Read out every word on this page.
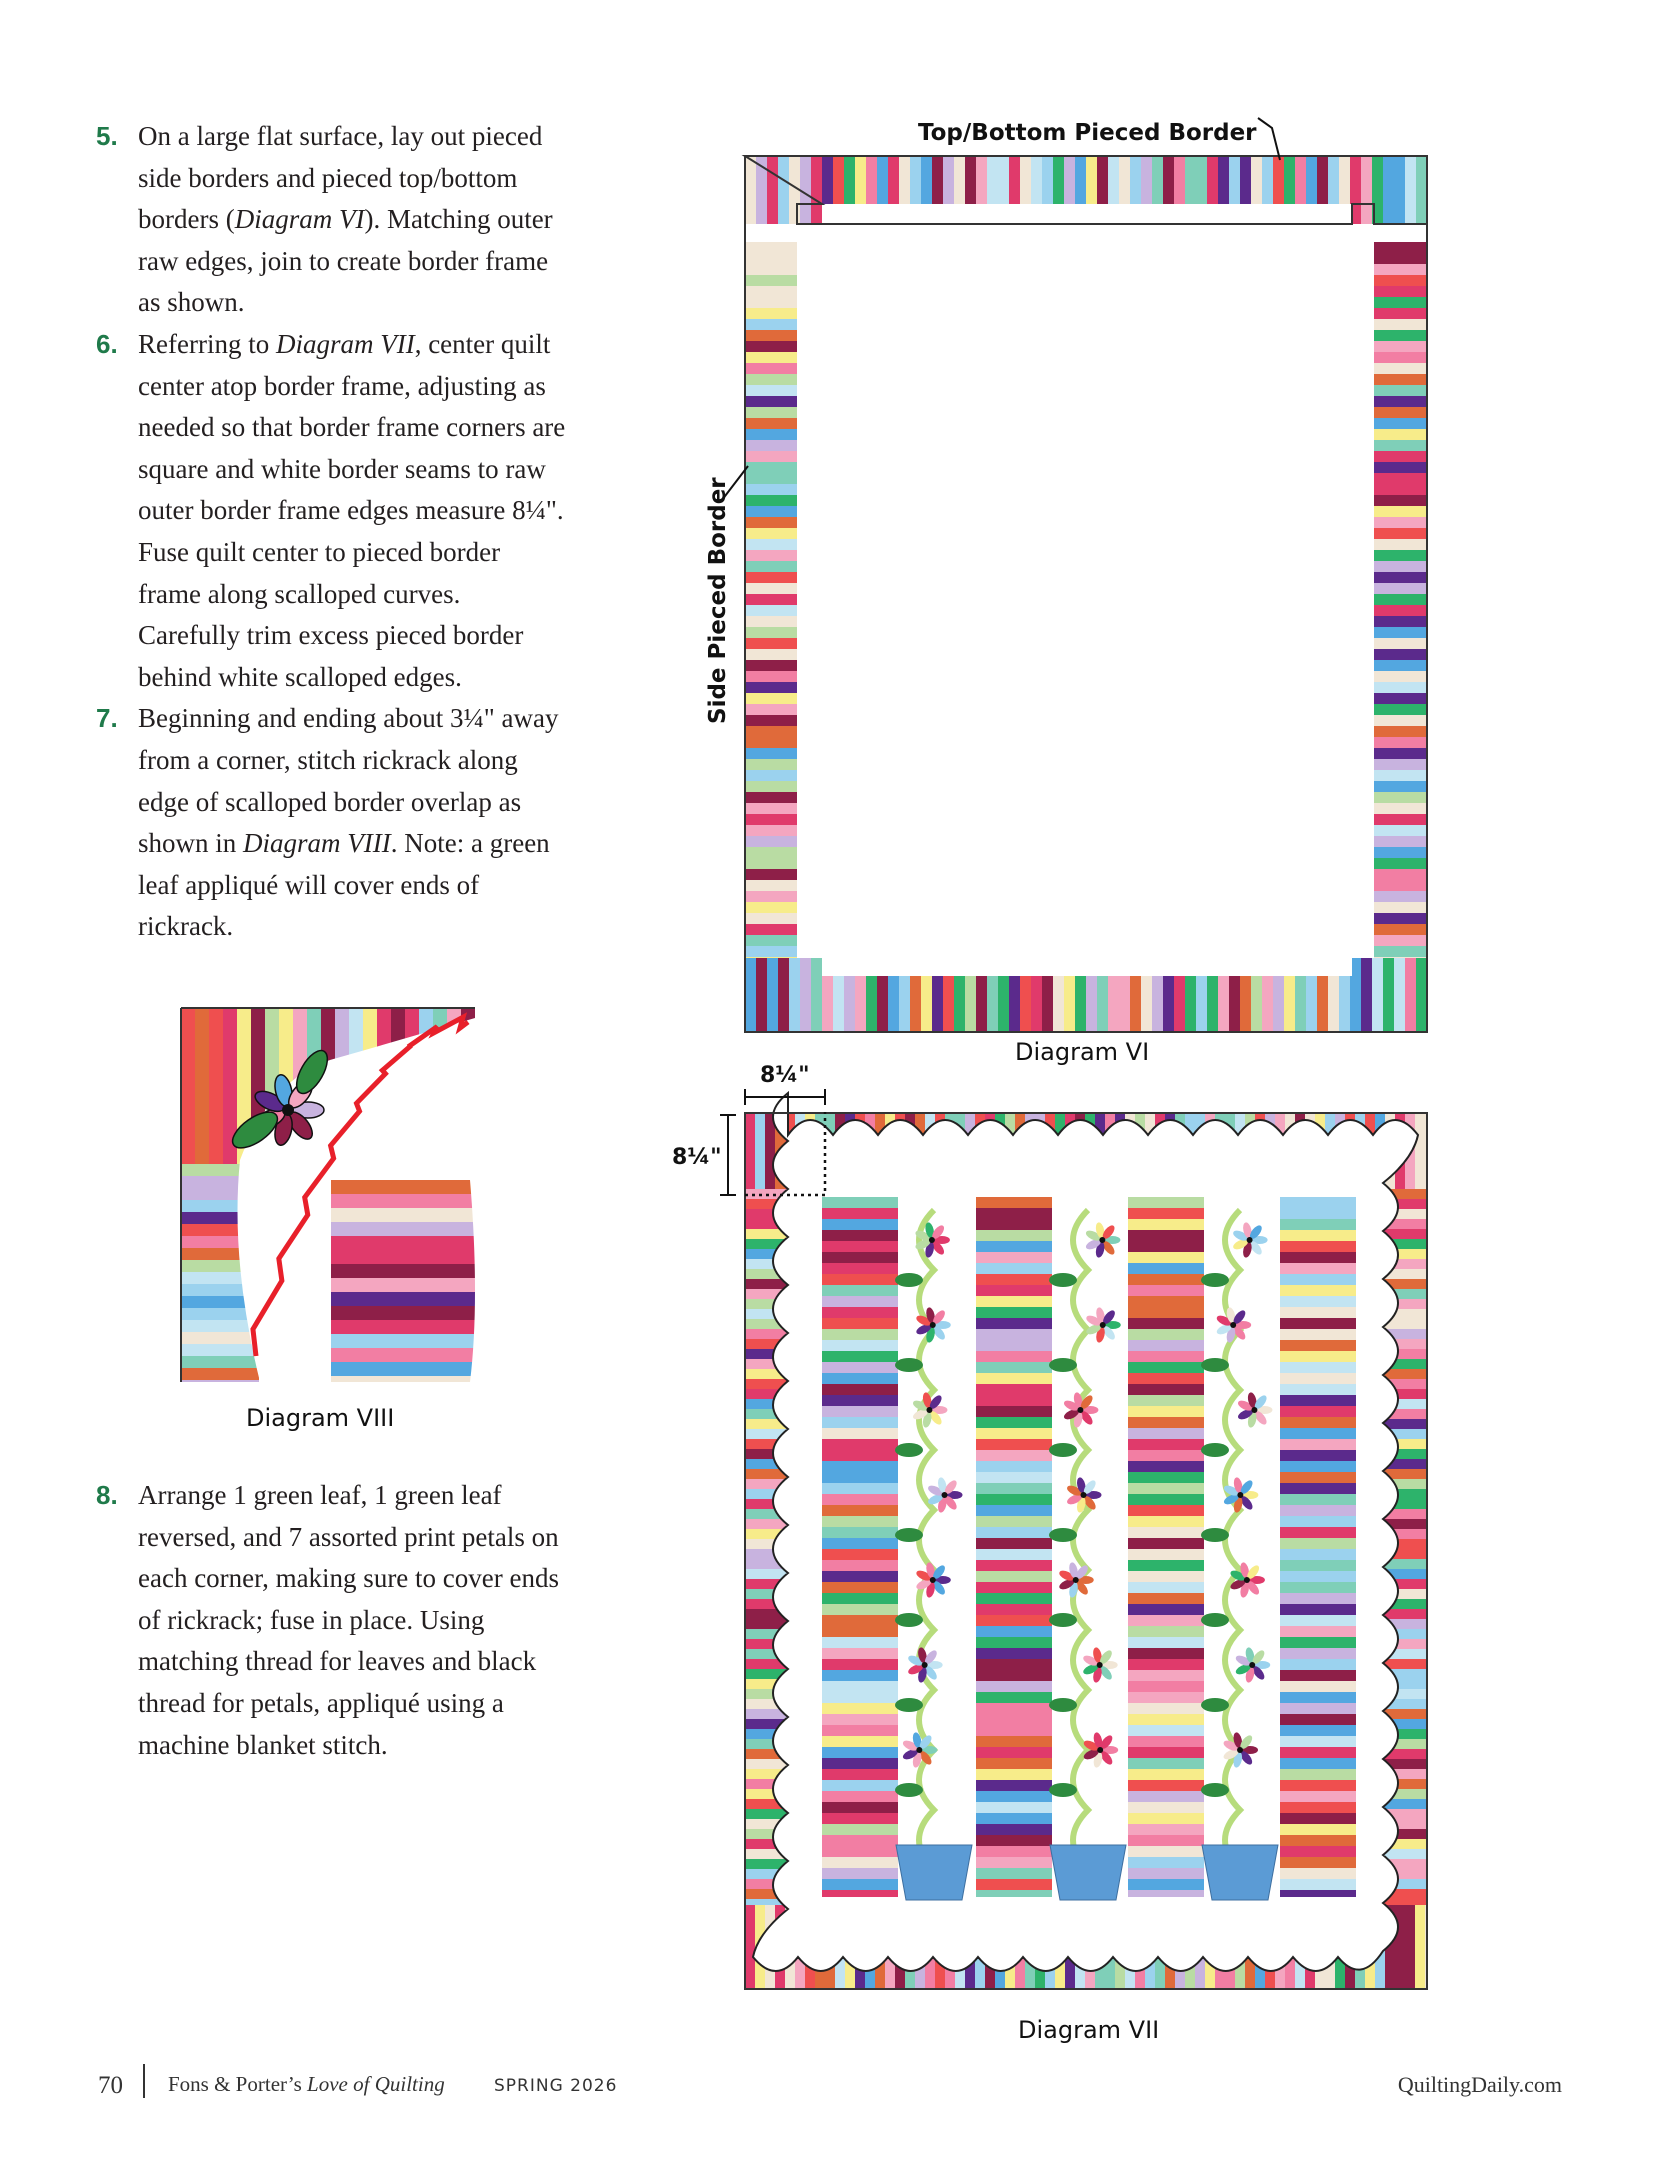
5. On a large flat surface, lay out pieced side borders and pieced top/bottom borders (Diagram VI). Matching outer raw edges, join to create border frame as shown.

6. Referring to Diagram VII, center quilt center atop border frame, adjusting as needed so that border frame corners are square and white border seams to raw outer border frame edges measure 8¼". Fuse quilt center to pieced border frame along scalloped curves. Carefully trim excess pieced border behind white scalloped edges.

7. Beginning and ending about 3¼" away from a corner, stitch rickrack along edge of scalloped border overlap as shown in Diagram VIII. Note: a green leaf appliqué will cover ends of rickrack.

8. Arrange 1 green leaf, 1 green leaf reversed, and 7 assorted print petals on each corner, making sure to cover ends of rickrack; fuse in place. Using matching thread for leaves and black thread for petals, appliqué using a machine blanket stitch.

Top/Bottom Pieced Border
Side Pieced Border
Diagram VI
Diagram VII
Diagram VIII
8¼"
8¼"
70 Fons & Porter’s Love of Quilting	SPRING 2026	QuiltingDaily.com
